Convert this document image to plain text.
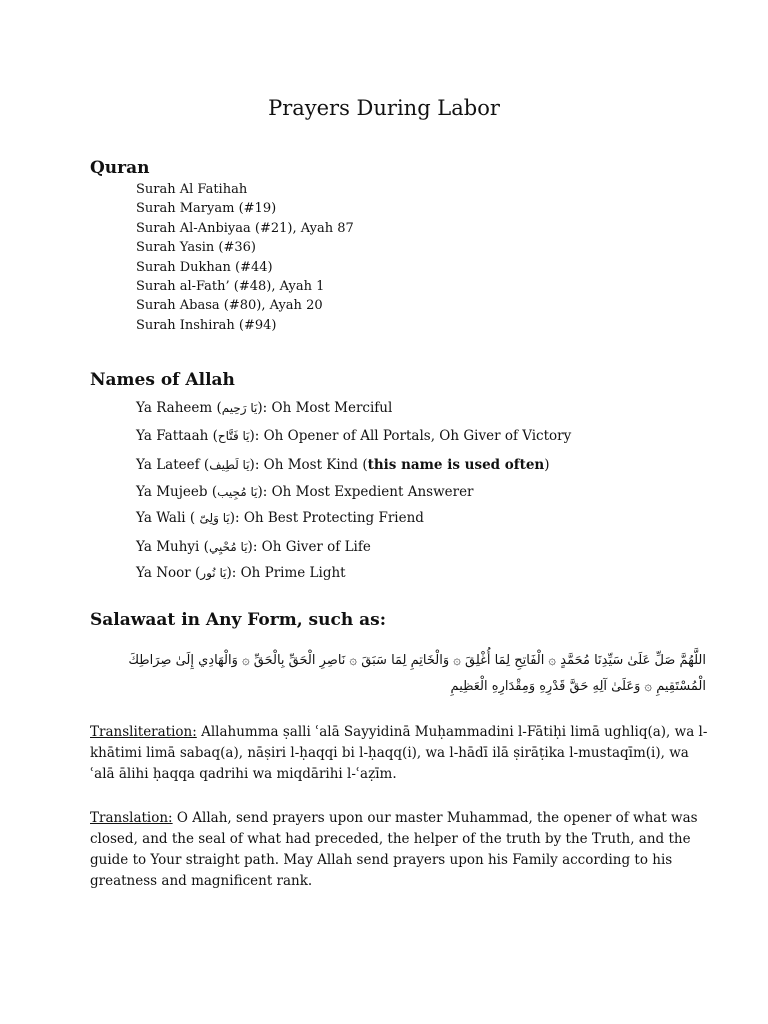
Prayers During Labor
Quran
Surah Al Fatihah
Surah Maryam (#19)
Surah Al-Anbiyaa (#21), Ayah 87
Surah Yasin (#36)
Surah Dukhan (#44)
Surah al-Fath’ (#48), Ayah 1
Surah Abasa (#80), Ayah 20
Surah Inshirah (#94)
Names of Allah
Ya Raheem (يَا رَحِيم): Oh Most Merciful
Ya Fattaah (يَا فَتَّاح): Oh Opener of All Portals, Oh Giver of Victory
Ya Lateef (يَا لَطِيف): Oh Most Kind (this name is used often)
Ya Mujeeb (يَا مُجِيب): Oh Most Expedient Answerer
Ya Wali ( يَا وَلِىّ): Oh Best Protecting Friend
Ya Muhyi (يَا مُحْيِي): Oh Giver of Life
Ya Noor (يَا نُور): Oh Prime Light
Salawaat in Any Form, such as:
اللَّهُمَّ صَلِّ عَلَىٰ سَيِّدِنَا مُحَمَّدٍ ۞ الْفَاتِحِ لِمَا أُغْلِقَ ۞ وَالْخَاتِمِ لِمَا سَبَقَ ۞ نَاصِرِ الْحَقِّ بِالْحَقِّ ۞ وَالْهَادِي إِلَىٰ صِرَاطِكَ الْمُسْتَقِيمِ ۞ وَعَلَىٰ آلِهِ حَقَّ قَدْرِهِ وَمِقْدَارِهِ الْعَظِيمِ
Transliteration: Allahumma ṣalli ʿalā Sayyidinā Muḥammadini l-Fātiḥi limā ughliq(a), wa l-khātimi limā sabaq(a), nāṣiri l-ḥaqqi bi l-ḥaqq(i), wa l-hādī ilā ṣirāṭika l-mustaqīm(i), wa ʿalā ālihi ḥaqqa qadrihi wa miqdārihi l-ʿaẓīm.
Translation: O Allah, send prayers upon our master Muhammad, the opener of what was closed, and the seal of what had preceded, the helper of the truth by the Truth, and the guide to Your straight path. May Allah send prayers upon his Family according to his greatness and magnificent rank.
